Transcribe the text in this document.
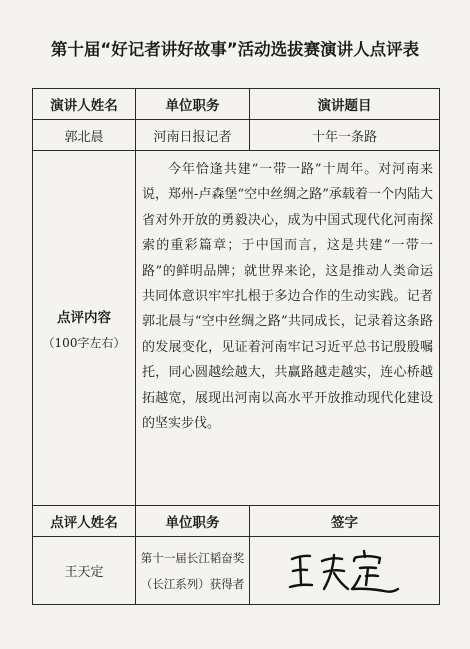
第十届“好记者讲好故事”活动选拔赛演讲人点评表
演讲人姓名	单位职务	演讲题目
郭北晨	河南日报记者	十年一条路

点评内容
（100字左右）	今年恰逢共建“一带一路”十周年。对河南来说，郑州-卢森堡“空中丝绸之路”承载着一个内陆大省对外开放的勇毅决心，成为中国式现代化河南探索的重彩篇章；于中国而言，这是共建“一带一路”的鲜明品牌；就世界来论，这是推动人类命运共同体意识牢牢扎根于多边合作的生动实践。记者郭北晨与“空中丝绸之路”共同成长，记录着这条路的发展变化，见证着河南牢记习近平总书记殷殷嘱托，同心圆越绘越大，共赢路越走越实，连心桥越拓越宽，展现出河南以高水平开放推动现代化建设的坚实步伐。	
点评人姓名	单位职务	签字
王天定	第十一届长江韬奋奖
（长江系列）获得者
